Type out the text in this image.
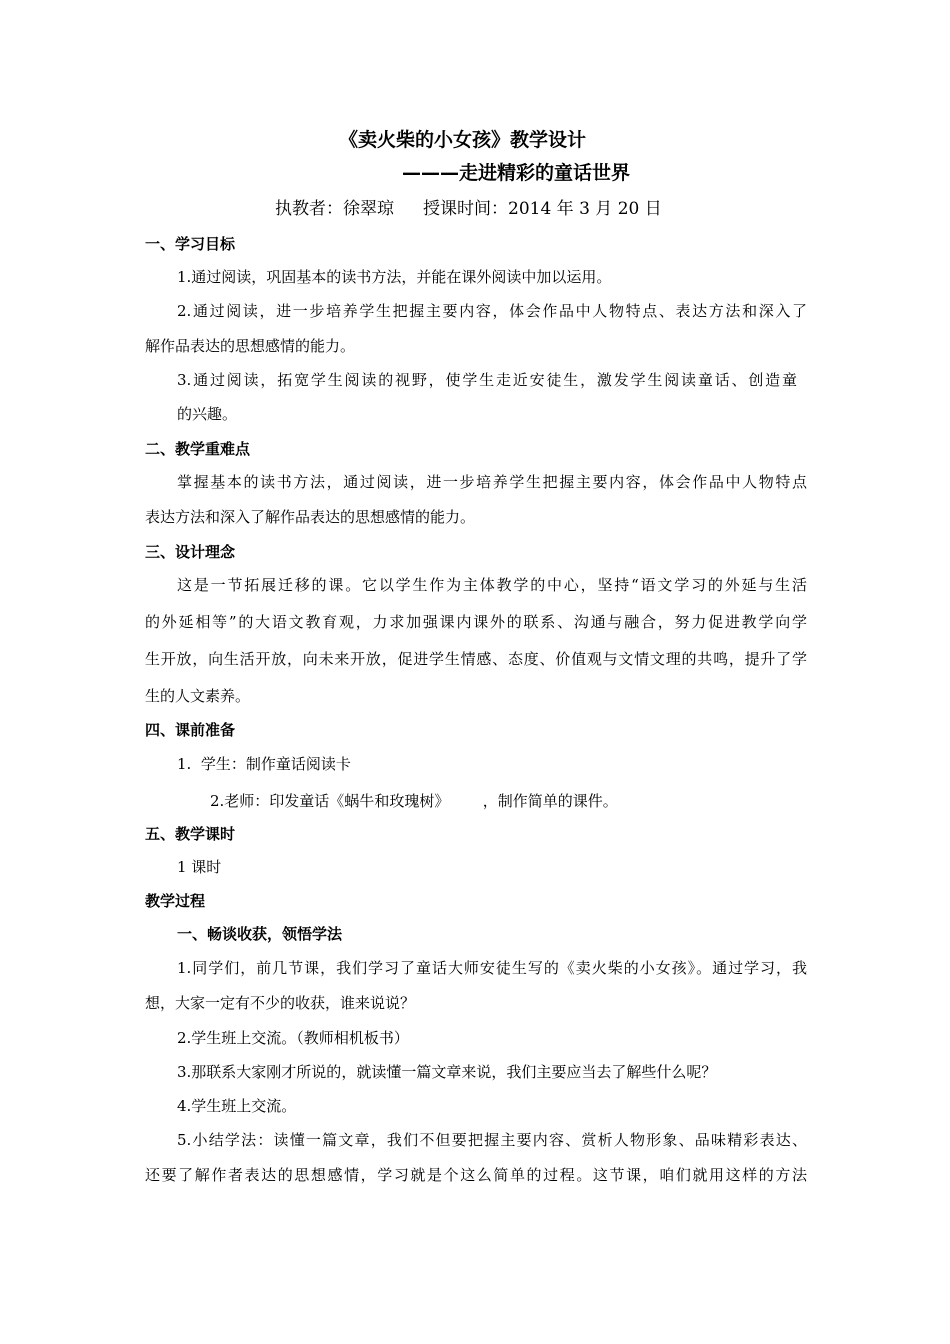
《卖火柴的小女孩》教学设计
———走进精彩的童话世界
执教者：徐翠琼 授课时间：2014 年 3 月 20 日
一、学习目标
1.通过阅读，巩固基本的读书方法，并能在课外阅读中加以运用。
2.通过阅读，进一步培养学生把握主要内容，体会作品中人物特点、表达方法和深入了
解作品表达的思想感情的能力。
3.通过阅读，拓宽学生阅读的视野，使学生走近安徒生，激发学生阅读童话、创造童
的兴趣。
二、教学重难点
掌握基本的读书方法，通过阅读，进一步培养学生把握主要内容，体会作品中人物特点
表达方法和深入了解作品表达的思想感情的能力。
三、设计理念
这是一节拓展迁移的课。它以学生作为主体教学的中心，坚持“语文学习的外延与生活
的外延相等”的大语文教育观，力求加强课内课外的联系、沟通与融合，努力促进教学向学
生开放，向生活开放，向未来开放，促进学生情感、态度、价值观与文情文理的共鸣，提升了学
生的人文素养。
四、课前准备
1.  学生：制作童话阅读卡
2.老师：印发童话《蜗牛和玫瑰树》       ，制作简单的课件。
五、教学课时
1 课时
教学过程
一、畅谈收获，领悟学法
1.同学们，前几节课，我们学习了童话大师安徒生写的《卖火柴的小女孩》。通过学习，我
想，大家一定有不少的收获，谁来说说？
2.学生班上交流。（教师相机板书）
3.那联系大家刚才所说的，就读懂一篇文章来说，我们主要应当去了解些什么呢？
4.学生班上交流。
5.小结学法：读懂一篇文章，我们不但要把握主要内容、赏析人物形象、品味精彩表达、
还要了解作者表达的思想感情，学习就是个这么简单的过程。这节课，咱们就用这样的方法
